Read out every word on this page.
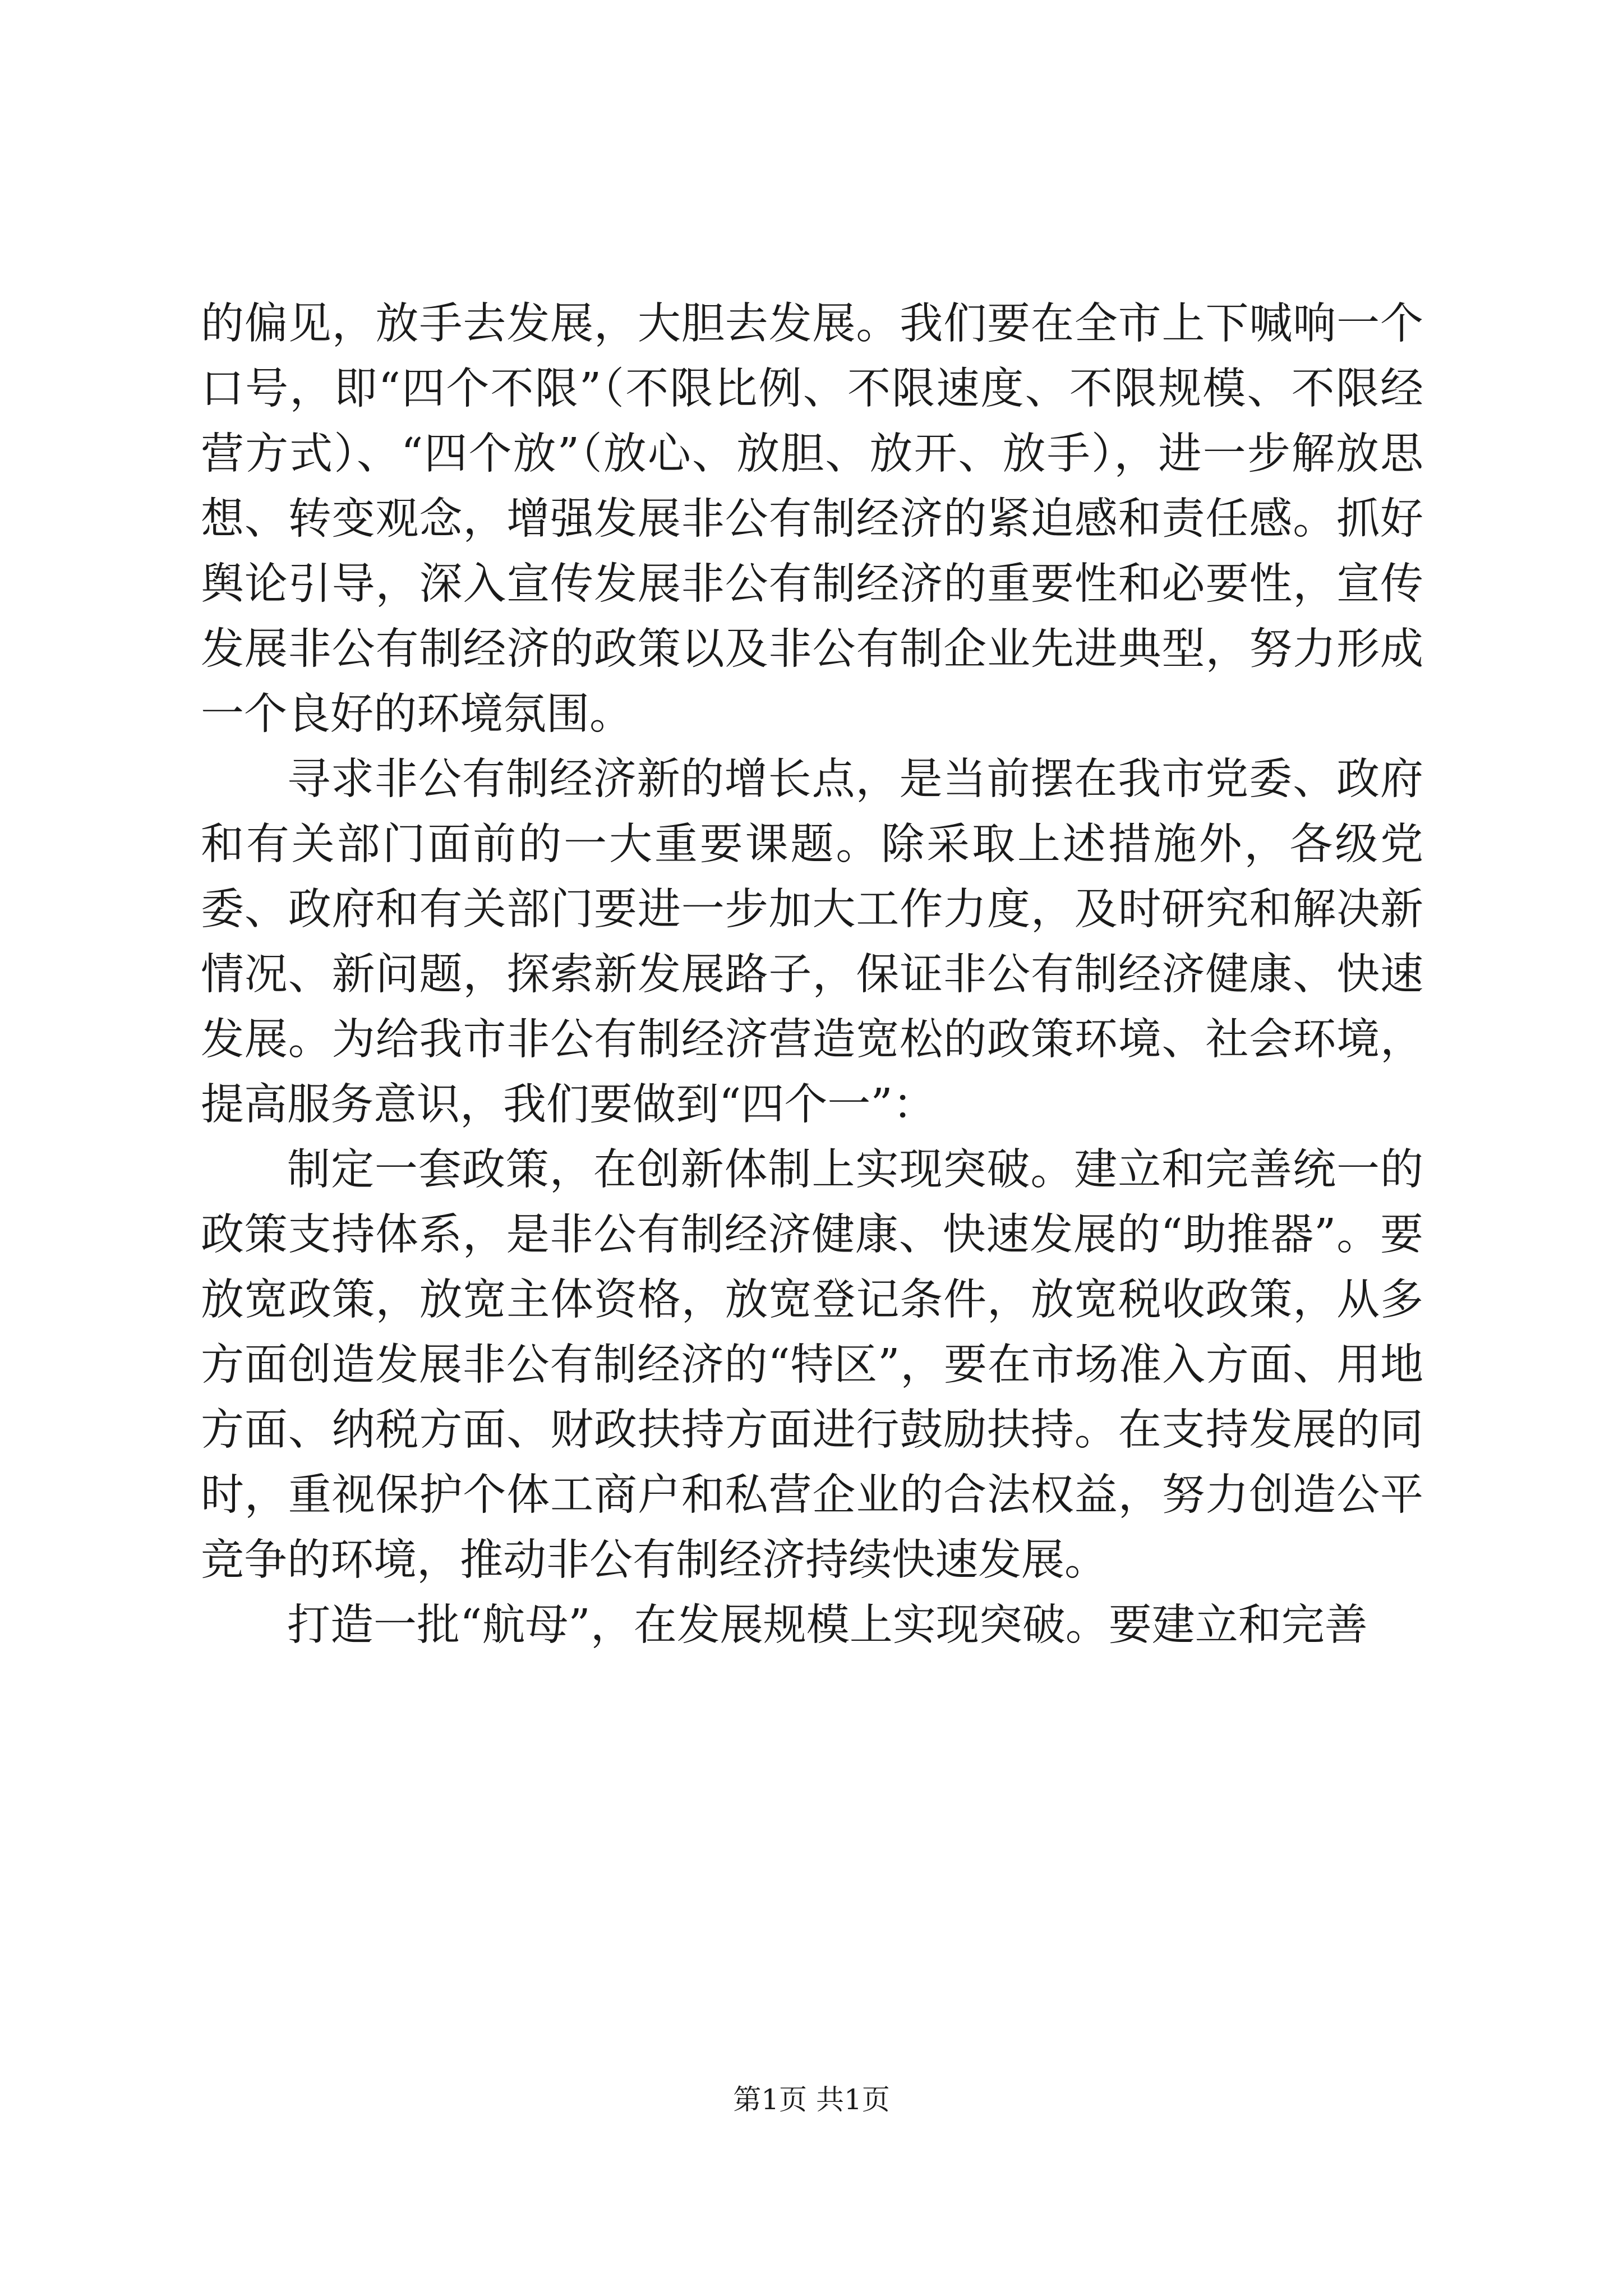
的偏见，放手去发展，大胆去发展。我们要在全市上下喊响一个口号，即“四个不限”（不限比例、不限速度、不限规模、不限经营方式）、“四个放”（放心、放胆、放开、放手），进一步解放思想、转变观念，增强发展非公有制经济的紧迫感和责任感。抓好舆论引导，深入宣传发展非公有制经济的重要性和必要性，宣传发展非公有制经济的政策以及非公有制企业先进典型，努力形成一个良好的环境氛围。

寻求非公有制经济新的增长点，是当前摆在我市党委、政府和有关部门面前的一大重要课题。除采取上述措施外，各级党委、政府和有关部门要进一步加大工作力度，及时研究和解决新情况、新问题，探索新发展路子，保证非公有制经济健康、快速发展。为给我市非公有制经济营造宽松的政策环境、社会环境，提高服务意识，我们要做到“四个一”：

制定一套政策，在创新体制上实现突破。建立和完善统一的政策支持体系，是非公有制经济健康、快速发展的“助推器”。要放宽政策，放宽主体资格，放宽登记条件，放宽税收政策，从多方面创造发展非公有制经济的“特区”，要在市场准入方面、用地方面、纳税方面、财政扶持方面进行鼓励扶持。在支持发展的同时，重视保护个体工商户和私营企业的合法权益，努力创造公平竞争的环境，推动非公有制经济持续快速发展。

打造一批“航母”，在发展规模上实现突破。要建立和完善

第1页 共1页
